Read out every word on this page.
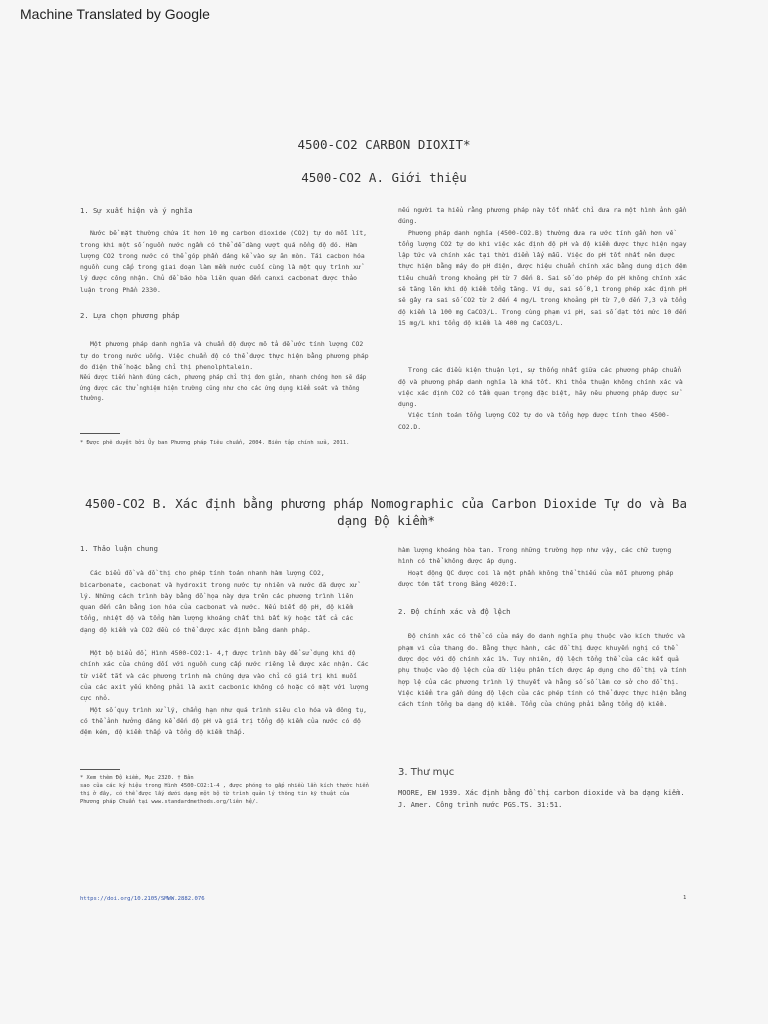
Machine Translated by Google
4500-CO2 CARBON DIOXIT*
4500-CO2 A. Giới thiệu

1. Sự xuất hiện và ý nghĩa

Nước bề mặt thường chứa ít hơn 10 mg carbon dioxide (CO2) tự do mỗi lít, trong khi một số nguồn nước ngầm có thể dễ dàng vượt quá nồng độ đó. Hàm lượng CO2 trong nước có thể góp phần đáng kể vào sự ăn mòn. Tái cacbon hóa nguồn cung cấp trong giai đoạn làm mềm nước cuối cùng là một quy trình xử lý được công nhận. Chủ đề bão hòa liên quan đến canxi cacbonat được thảo luận trong Phần 2330.

2. Lựa chọn phương pháp

Một phương pháp danh nghĩa và chuẩn độ được mô tả để ước tính lượng CO2 tự do trong nước uống. Việc chuẩn độ có thể được thực hiện bằng phương pháp đo điện thế hoặc bằng chỉ thị phenolphtalein.

Nếu được tiến hành đúng cách, phương pháp chỉ thị đơn giản, nhanh chóng hơn sẽ đáp ứng được các thử nghiệm hiện trường cũng như cho các ứng dụng kiểm soát và thông thường.

* Được phê duyệt bởi Ủy ban Phương pháp Tiêu chuẩn, 2004. Biên tập chính sửa, 2011.

nếu người ta hiểu rằng phương pháp này tốt nhất chỉ đưa ra một hình ảnh gần đúng.

Phương pháp danh nghĩa (4500-CO2.B) thường đưa ra ước tính gần hơn về tổng lượng CO2 tự do khi việc xác định độ pH và độ kiềm được thực hiện ngay lập tức và chính xác tại thời điểm lấy mẫu. Việc đo pH tốt nhất nên được thực hiện bằng máy đo pH điện, được hiệu chuẩn chính xác bằng dung dịch đệm tiêu chuẩn trong khoảng pH từ 7 đến 8. Sai số do phép đo pH không chính xác sẽ tăng lên khi độ kiềm tổng tăng. Ví dụ, sai số 0,1 trong phép xác định pH sẽ gây ra sai số CO2 từ 2 đến 4 mg/L trong khoảng pH từ 7,0 đến 7,3 và tổng độ kiềm là 100 mg CaCO3/L. Trong cùng phạm vi pH, sai số đạt tới mức 10 đến 15 mg/L khi tổng độ kiềm là 400 mg CaCO3/L.

Trong các điều kiện thuận lợi, sự thống nhất giữa các phương pháp chuẩn độ và phương pháp danh nghĩa là khá tốt. Khi thỏa thuận không chính xác và việc xác định CO2 có tầm quan trọng đặc biệt, hãy nêu phương pháp được sử dụng.

Việc tính toán tổng lượng CO2 tự do và tổng hợp được tính theo 4500-CO2.D.

4500-CO2 B. Xác định bằng phương pháp Nomographic của Carbon Dioxide Tự do và Ba dạng Độ kiềm*

1. Thảo luận chung

Các biểu đồ và đồ thị cho phép tính toán nhanh hàm lượng CO2, bicarbonate, cacbonat và hydroxit trong nước tự nhiên và nước đã được xử lý. Những cách trình bày bằng đồ họa này dựa trên các phương trình liên quan đến cân bằng ion hóa của cacbonat và nước. Nếu biết độ pH, độ kiềm tổng, nhiệt độ và tổng hàm lượng khoáng chất thì bất kỳ hoặc tất cả các dạng độ kiềm và CO2 đều có thể được xác định bằng danh pháp.

Một bộ biểu đồ, Hình 4500-CO2:1- 4,† được trình bày để sử dụng khi độ chính xác của chúng đối với nguồn cung cấp nước riêng lẻ được xác nhận. Các từ viết tắt và các phương trình mà chúng dựa vào chỉ có giá trị khi muối của các axit yếu không phải là axit cacbonic không có hoặc có mặt với lượng cực nhỏ.

Một số quy trình xử lý, chẳng hạn như quá trình siêu clo hóa và đông tụ, có thể ảnh hưởng đáng kể đến độ pH và giá trị tổng độ kiềm của nước có độ đệm kém, độ kiềm thấp và tổng độ kiềm thấp.

* Xem thêm Độ kiềm, Mục 2320. † Bản
sao của các ký hiệu trong Hình 4500-CO2:1-4 , được phóng to gấp nhiều lần kích thước hiển thị ở đây, có thể được lấy dưới dạng một bộ từ trình quản lý thông tin kỹ thuật của Phương pháp Chuẩn tại www.standardmethods.org/liên hệ/.

hàm lượng khoáng hòa tan. Trong những trường hợp như vậy, các chữ tượng hình có thể không được áp dụng.

Hoạt động QC được coi là một phần không thể thiếu của mỗi phương pháp được tóm tắt trong Bảng 4020:I.

2. Độ chính xác và độ lệch

Độ chính xác có thể có của máy đo danh nghĩa phụ thuộc vào kích thước và phạm vi của thang đo. Bằng thực hành, các đồ thị được khuyến nghị có thể được đọc với độ chính xác 1%. Tuy nhiên, độ lệch tổng thể của các kết quả phụ thuộc vào độ lệch của dữ liệu phân tích được áp dụng cho đồ thị và tính hợp lệ của các phương trình lý thuyết và hằng số số làm cơ sở cho đồ thị. Việc kiểm tra gần đúng độ lệch của các phép tính có thể được thực hiện bằng cách tính tổng ba dạng độ kiềm. Tổng của chúng phải bằng tổng độ kiềm.

3. Thư mục
MOORE, EW 1939. Xác định bằng đồ thị carbon dioxide và ba dạng kiềm. J. Amer. Công trình nước PGS.TS. 31:51.
https://doi.org/10.2105/SMWW.2882.076	1
